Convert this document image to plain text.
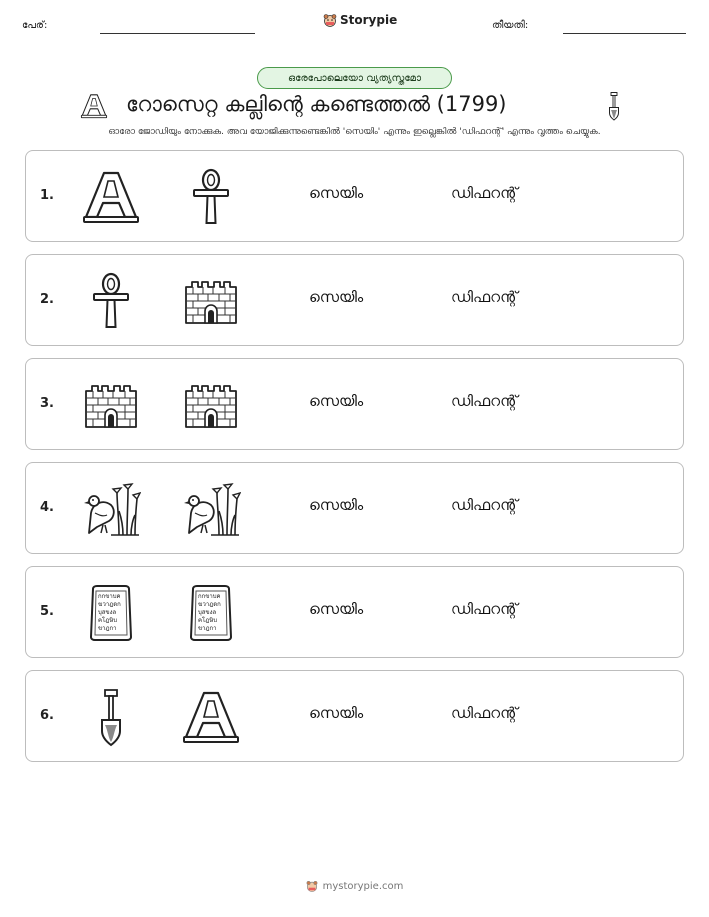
പേര്:	Storypie	തീയതി:
ഒരേപോലെയോ വ്യത്യസ്തമോ
റോസെറ്റ കല്ലിന്റെ കണ്ടെത്തൽ (1799)
ഓരോ ജോഡിയും നോക്കുക. അവ യോജിക്കുന്നുണ്ടെങ്കിൽ 'സെയിം' എന്നും ഇല്ലെങ്കിൽ 'ഡിഫറന്റ്' എന്നും വൃത്തം ചെയ്യുക.
1.	സെയിം	ഡിഫറന്റ്
2.	സെയിം	ഡിഫറന്റ്
3.	സെയിം	ഡിഫറന്റ്
4.	സെയിം	ഡിഫറന്റ്
5.	സെയിം	ഡിഫറന്റ്
6.	സെയിം	ഡിഫറന്റ്
mystorypie.com
